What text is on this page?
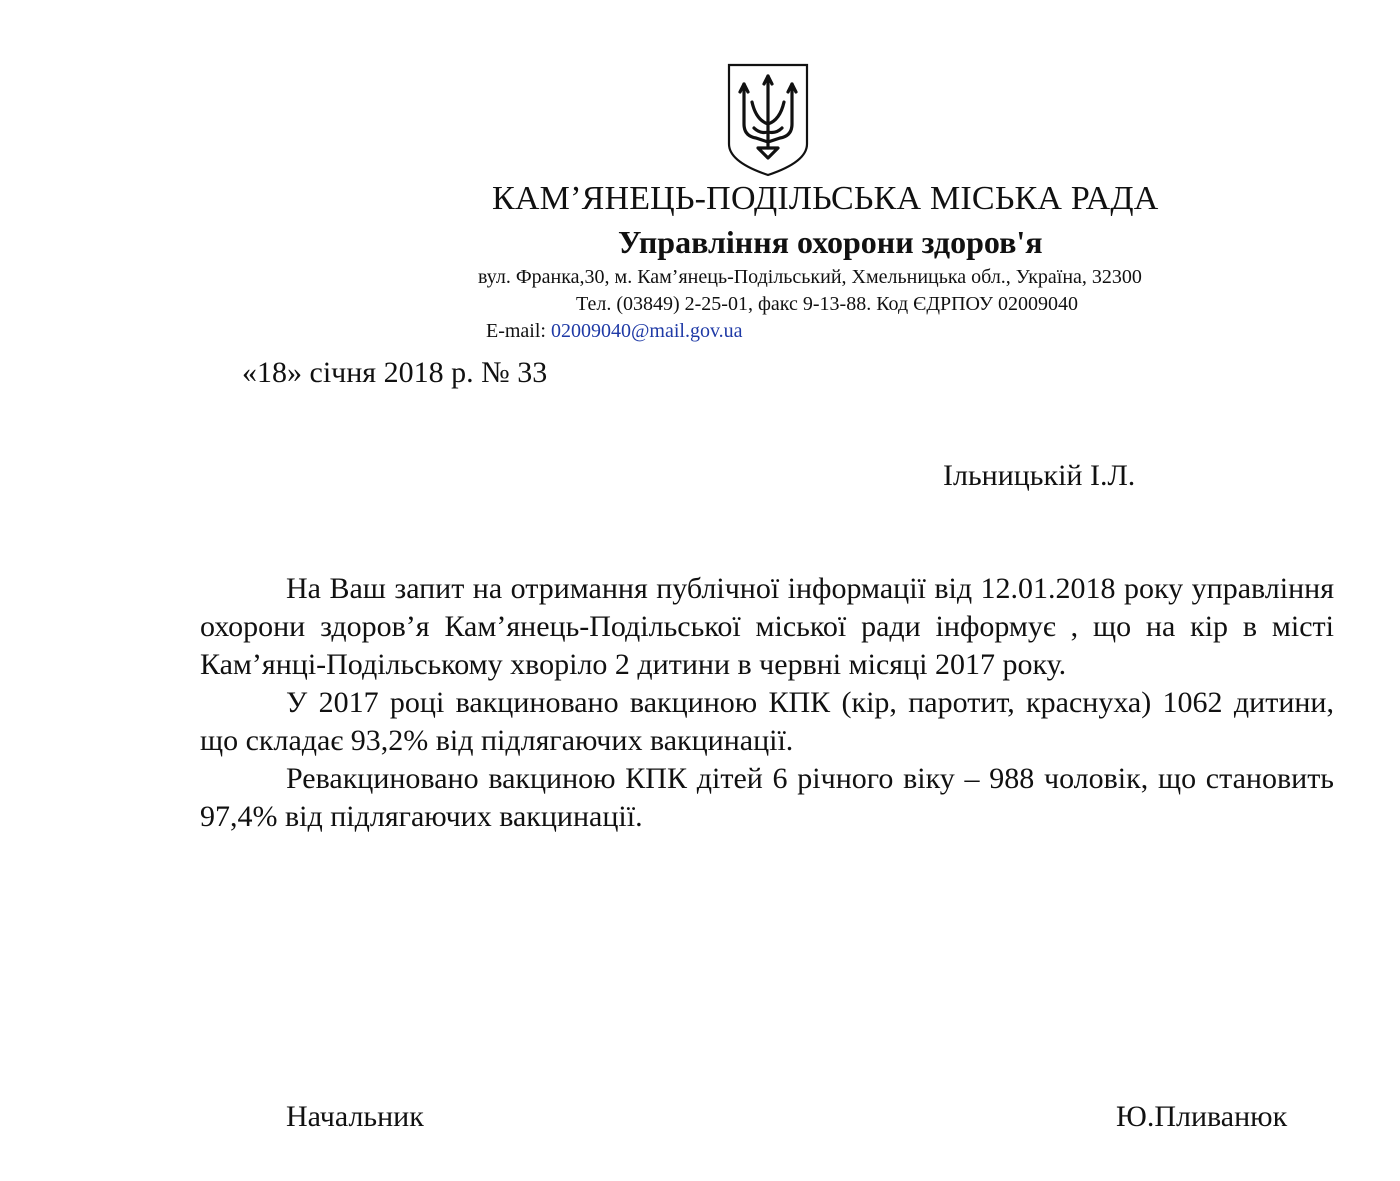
КАМ’ЯНЕЦЬ-ПОДІЛЬСЬКА МІСЬКА РАДА
Управління охорони здоров'я
вул. Франка,30, м. Кам’янець-Подільський, Хмельницька обл., Україна, 32300
Тел. (03849) 2-25-01, факс 9-13-88. Код ЄДРПОУ 02009040
E-mail: 02009040@mail.gov.ua
«18» січня 2018 р. № 33
Ільницькій І.Л.

На Ваш запит на отримання публічної інформації від 12.01.2018 року управління охорони здоров’я Кам’янець-Подільської міської ради інформує , що на кір в місті Кам’янці-Подільському хворіло 2 дитини в червні місяці 2017 року.

У 2017 році вакциновано вакциною КПК (кір, паротит, краснуха) 1062 дитини, що складає 93,2% від підлягаючих вакцинації.

Ревакциновано вакциною КПК дітей 6 річного віку – 988 чоловік, що становить 97,4% від підлягаючих вакцинації.

Начальник	Ю.Пливанюк
